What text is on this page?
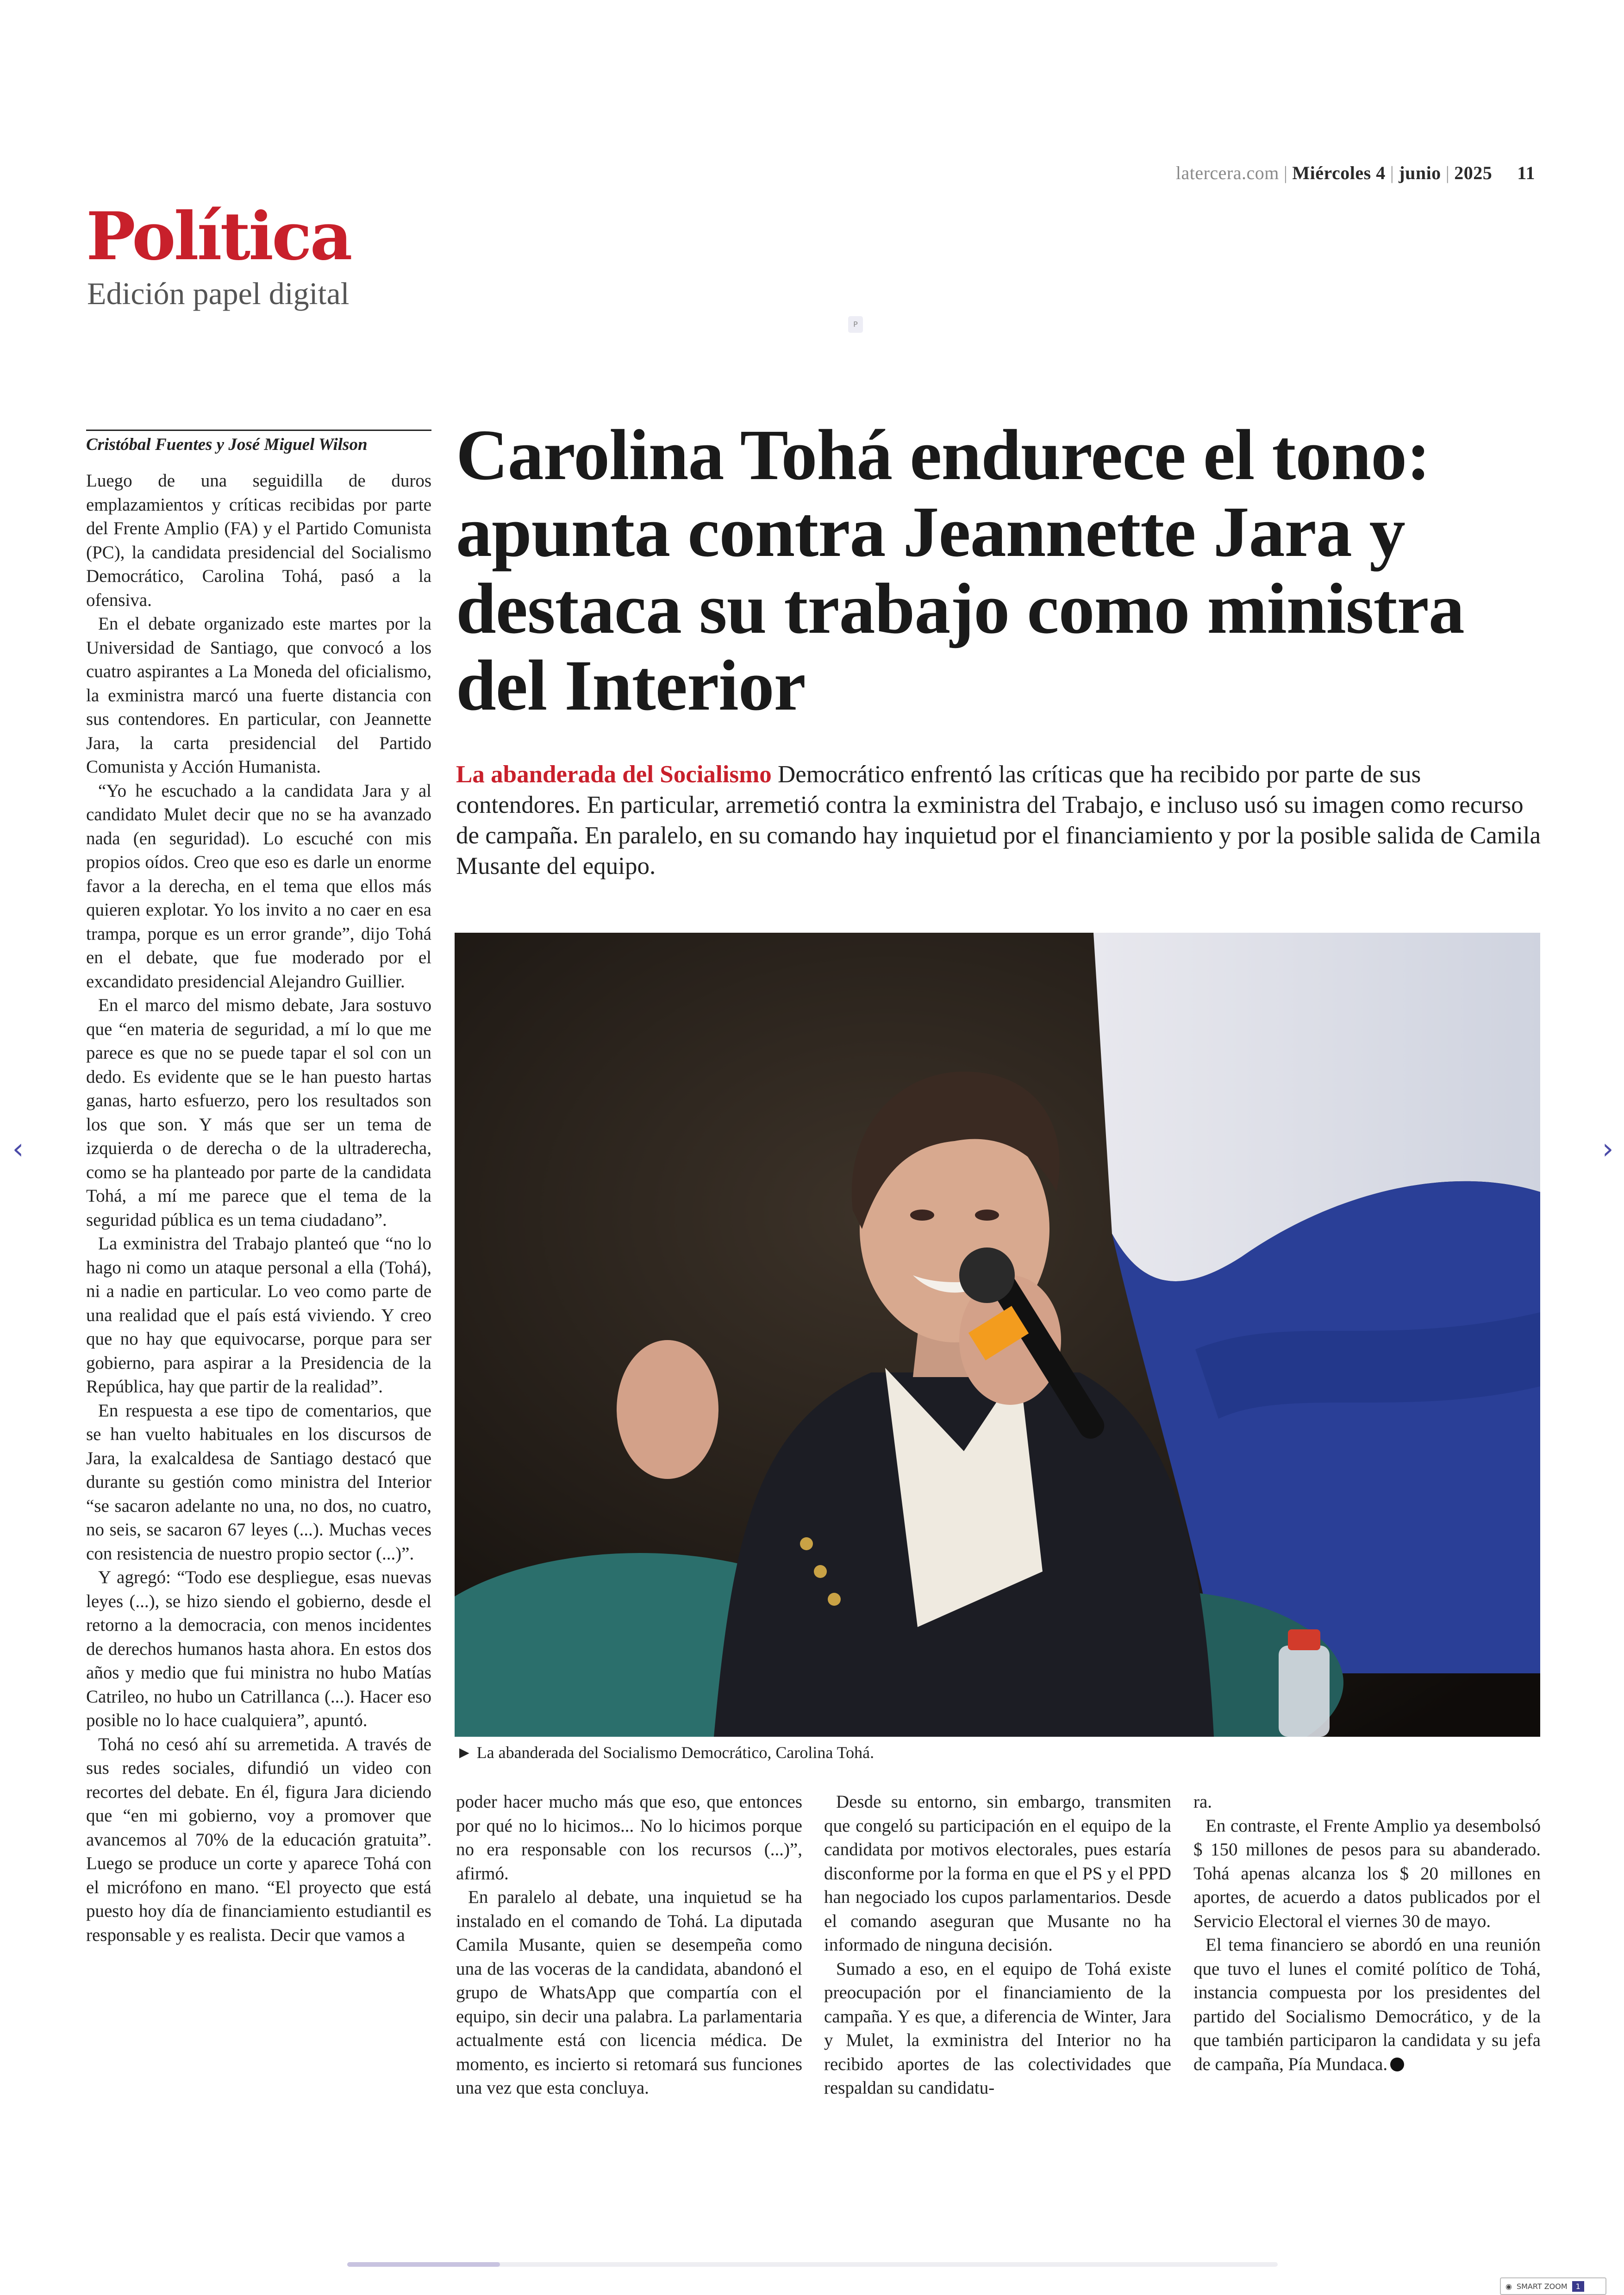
latercera.com | Miércoles 4 | junio | 2025 11
Política
Edición papel digital
P
Cristóbal Fuentes y José Miguel Wilson

Luego de una seguidilla de duros emplazamientos y críticas recibidas por parte del Frente Amplio (FA) y el Partido Comunista (PC), la candidata presidencial del Socialismo Democrático, Carolina Tohá, pasó a la ofensiva.

En el debate organizado este martes por la Universidad de Santiago, que convocó a los cuatro aspirantes a La Moneda del oficialismo, la exministra marcó una fuerte distancia con sus contendores. En particular, con Jeannette Jara, la carta presidencial del Partido Comunista y Acción Humanista.

“Yo he escuchado a la candidata Jara y al candidato Mulet decir que no se ha avanzado nada (en seguridad). Lo escuché con mis propios oídos. Creo que eso es darle un enorme favor a la derecha, en el tema que ellos más quieren explotar. Yo los invito a no caer en esa trampa, porque es un error grande”, dijo Tohá en el debate, que fue moderado por el excandidato presidencial Alejandro Guillier.

En el marco del mismo debate, Jara sostuvo que “en materia de seguridad, a mí lo que me parece es que no se puede tapar el sol con un dedo. Es evidente que se le han puesto hartas ganas, harto esfuerzo, pero los resultados son los que son. Y más que ser un tema de izquierda o de derecha o de la ultraderecha, como se ha planteado por parte de la candidata Tohá, a mí me parece que el tema de la seguridad pública es un tema ciudadano”.

La exministra del Trabajo planteó que “no lo hago ni como un ataque personal a ella (Tohá), ni a nadie en particular. Lo veo como parte de una realidad que el país está viviendo. Y creo que no hay que equivocarse, porque para ser gobierno, para aspirar a la Presidencia de la República, hay que partir de la realidad”.

En respuesta a ese tipo de comentarios, que se han vuelto habituales en los discursos de Jara, la exalcaldesa de Santiago destacó que durante su gestión como ministra del Interior “se sacaron adelante no una, no dos, no cuatro, no seis, se sacaron 67 leyes (...). Muchas veces con resistencia de nuestro propio sector (...)”.

Y agregó: “Todo ese despliegue, esas nuevas leyes (...), se hizo siendo el gobierno, desde el retorno a la democracia, con menos incidentes de derechos humanos hasta ahora. En estos dos años y medio que fui ministra no hubo Matías Catrileo, no hubo un Catrillanca (...). Hacer eso posible no lo hace cualquiera”, apuntó.

Tohá no cesó ahí su arremetida. A través de sus redes sociales, difundió un video con recortes del debate. En él, figura Jara diciendo que “en mi gobierno, voy a promover que avancemos al 70% de la educación gratuita”. Luego se produce un corte y aparece Tohá con el micrófono en mano. “El proyecto que está puesto hoy día de financiamiento estudiantil es responsable y es realista. Decir que vamos a

Carolina Tohá endurece el tono: apunta contra Jeannette Jara y destaca su trabajo como ministra del Interior
La abanderada del Socialismo Democrático enfrentó las críticas que ha recibido por parte de sus contendores. En particular, arremetió contra la exministra del Trabajo, e incluso usó su imagen como recurso de campaña. En paralelo, en su comando hay inquietud por el financiamiento y por la posible salida de Camila Musante del equipo.
► La abanderada del Socialismo Democrático, Carolina Tohá.

poder hacer mucho más que eso, que entonces por qué no lo hicimos... No lo hicimos porque no era responsable con los recursos (...)”, afirmó.

En paralelo al debate, una inquietud se ha instalado en el comando de Tohá. La diputada Camila Musante, quien se desempeña como una de las voceras de la candidata, abandonó el grupo de WhatsApp que compartía con el equipo, sin decir una palabra. La parlamentaria actualmente está con licencia médica. De momento, es incierto si retomará sus funciones una vez que esta concluya.

Desde su entorno, sin embargo, transmiten que congeló su participación en el equipo de la candidata por motivos electorales, pues estaría disconforme por la forma en que el PS y el PPD han negociado los cupos parlamentarios. Desde el comando aseguran que Musante no ha informado de ninguna decisión.

Sumado a eso, en el equipo de Tohá existe preocupación por el financiamiento de la campaña. Y es que, a diferencia de Winter, Jara y Mulet, la exministra del Interior no ha recibido aportes de las colectividades que respaldan su candidatu-

ra.

En contraste, el Frente Amplio ya desembolsó $ 150 millones de pesos para su abanderado. Tohá apenas alcanza los $ 20 millones en aportes, de acuerdo a datos publicados por el Servicio Electoral el viernes 30 de mayo.

El tema financiero se abordó en una reunión que tuvo el lunes el comité político de Tohá, instancia compuesta por los presidentes del partido del Socialismo Democrático, y de la que también participaron la candidata y su jefa de campaña, Pía Mundaca.

‹	›
◉ SMART ZOOM	1
